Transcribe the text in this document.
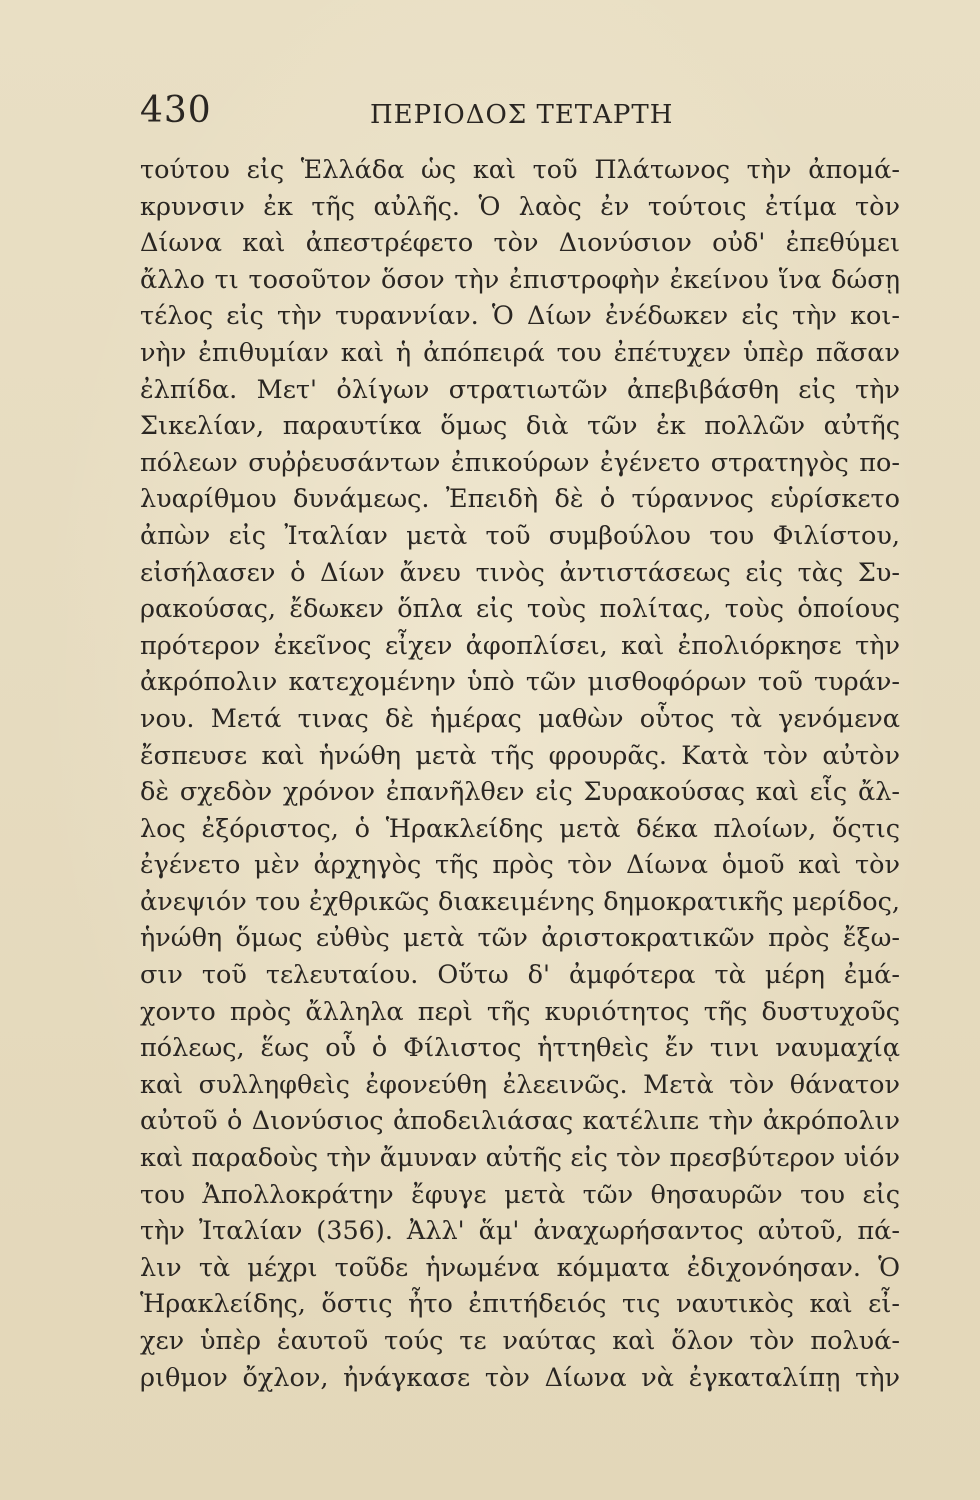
430	ΠΕΡΙΟΔΟΣ ΤΕΤΑΡΤΗ
τούτου εἰς Ἑλλάδα ὡς καὶ τοῦ Πλάτωνος τὴν ἀπομά-
κρυνσιν ἐκ τῆς αὐλῆς. Ὁ λαὸς ἐν τούτοις ἐτίμα τὸν
Δίωνα καὶ ἀπεστρέφετο τὸν Διονύσιον οὐδ' ἐπεθύμει
ἄλλο τι τοσοῦτον ὅσον τὴν ἐπιστροφὴν ἐκείνου ἵνα δώσῃ
τέλος εἰς τὴν τυραννίαν. Ὁ Δίων ἐνέδωκεν εἰς τὴν κοι-
νὴν ἐπιθυμίαν καὶ ἡ ἀπόπειρά του ἐπέτυχεν ὑπὲρ πᾶσαν
ἐλπίδα. Μετ' ὀλίγων στρατιωτῶν ἀπεβιβάσθη εἰς τὴν
Σικελίαν, παραυτίκα ὅμως διὰ τῶν ἐκ πολλῶν αὐτῆς
πόλεων συῤῥευσάντων ἐπικούρων ἐγένετο στρατηγὸς πο-
λυαρίθμου δυνάμεως. Ἐπειδὴ δὲ ὁ τύραννος εὑρίσκετο
ἀπὼν εἰς Ἰταλίαν μετὰ τοῦ συμβούλου του Φιλίστου,
εἰσήλασεν ὁ Δίων ἄνευ τινὸς ἀντιστάσεως εἰς τὰς Συ-
ρακούσας, ἔδωκεν ὅπλα εἰς τοὺς πολίτας, τοὺς ὁποίους
πρότερον ἐκεῖνος εἶχεν ἀφοπλίσει, καὶ ἐπολιόρκησε τὴν
ἀκρόπολιν κατεχομένην ὑπὸ τῶν μισθοφόρων τοῦ τυράν-
νου. Μετά τινας δὲ ἡμέρας μαθὼν οὗτος τὰ γενόμενα
ἔσπευσε καὶ ἡνώθη μετὰ τῆς φρουρᾶς. Κατὰ τὸν αὐτὸν
δὲ σχεδὸν χρόνον ἐπανῆλθεν εἰς Συρακούσας καὶ εἷς ἄλ-
λος ἐξόριστος, ὁ Ἡρακλείδης μετὰ δέκα πλοίων, ὅςτις
ἐγένετο μὲν ἀρχηγὸς τῆς πρὸς τὸν Δίωνα ὁμοῦ καὶ τὸν
ἀνεψιόν του ἐχθρικῶς διακειμένης δημοκρατικῆς μερίδος,
ἡνώθη ὅμως εὐθὺς μετὰ τῶν ἀριστοκρατικῶν πρὸς ἔξω-
σιν τοῦ τελευταίου. Οὕτω δ' ἀμφότερα τὰ μέρη ἐμά-
χοντο πρὸς ἄλληλα περὶ τῆς κυριότητος τῆς δυστυχοῦς
πόλεως, ἕως οὗ ὁ Φίλιστος ἡττηθεὶς ἔν τινι ναυμαχίᾳ
καὶ συλληφθεὶς ἐφονεύθη ἐλεεινῶς. Μετὰ τὸν θάνατον
αὐτοῦ ὁ Διονύσιος ἀποδειλιάσας κατέλιπε τὴν ἀκρόπολιν
καὶ παραδοὺς τὴν ἄμυναν αὐτῆς εἰς τὸν πρεσβύτερον υἱόν
του Ἀπολλοκράτην ἔφυγε μετὰ τῶν θησαυρῶν του εἰς
τὴν Ἰταλίαν (356). Ἀλλ' ἅμ' ἀναχωρήσαντος αὐτοῦ, πά-
λιν τὰ μέχρι τοῦδε ἡνωμένα κόμματα ἐδιχονόησαν. Ὁ
Ἡρακλείδης, ὅστις ἦτο ἐπιτήδειός τις ναυτικὸς καὶ εἶ-
χεν ὑπὲρ ἑαυτοῦ τούς τε ναύτας καὶ ὅλον τὸν πολυά-
ριθμον ὄχλον, ἠνάγκασε τὸν Δίωνα νὰ ἐγκαταλίπῃ τὴν
